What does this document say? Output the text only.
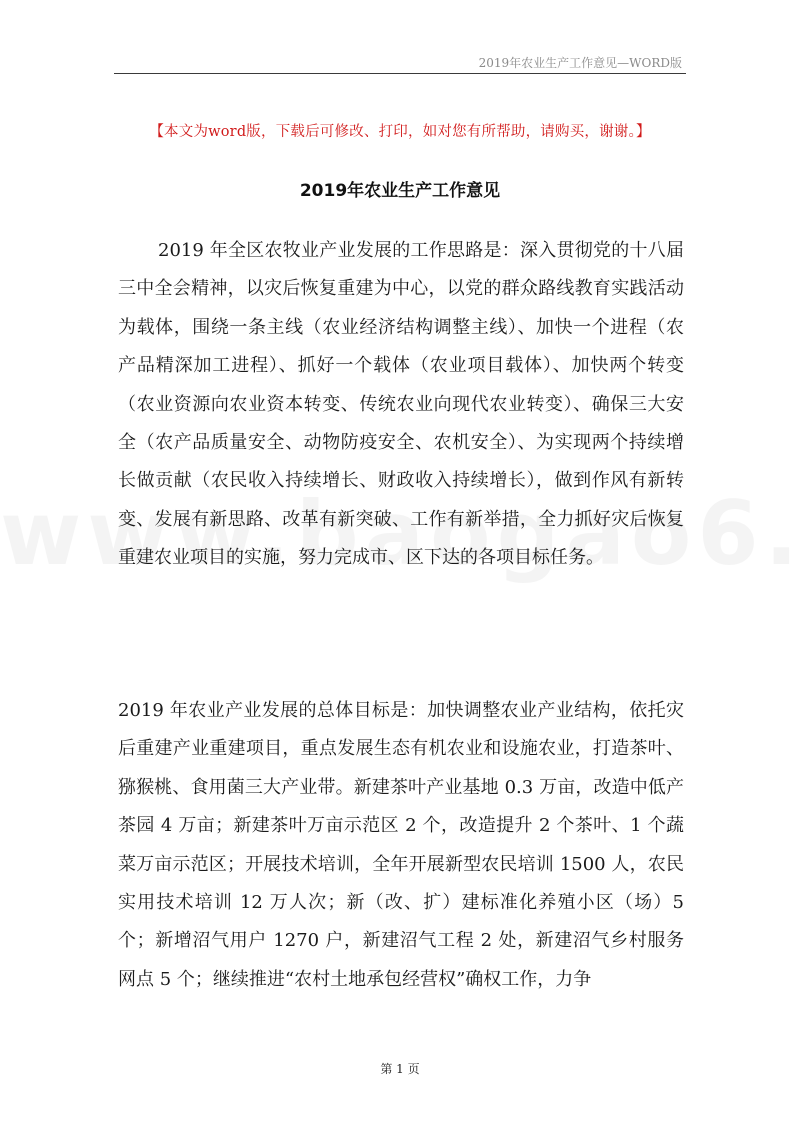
2019年农业生产工作意见—WORD版
【本文为word版，下载后可修改、打印，如对您有所帮助，请购买，谢谢。】
2019年农业生产工作意见

2019 年全区农牧业产业发展的工作思路是：深入贯彻党的十八届三中全会精神，以灾后恢复重建为中心，以党的群众路线教育实践活动为载体，围绕一条主线（农业经济结构调整主线）、加快一个进程（农产品精深加工进程）、抓好一个载体（农业项目载体）、加快两个转变（农业资源向农业资本转变、传统农业向现代农业转变）、确保三大安全（农产品质量安全、动物防疫安全、农机安全）、为实现两个持续增长做贡献（农民收入持续增长、财政收入持续增长），做到作风有新转变、发展有新思路、改革有新突破、工作有新举措，全力抓好灾后恢复重建农业项目的实施，努力完成市、区下达的各项目标任务。

2019 年农业产业发展的总体目标是：加快调整农业产业结构，依托灾后重建产业重建项目，重点发展生态有机农业和设施农业，打造茶叶、猕猴桃、食用菌三大产业带。新建茶叶产业基地 0.3 万亩，改造中低产茶园 4 万亩；新建茶叶万亩示范区 2 个，改造提升 2 个茶叶、1 个蔬菜万亩示范区；开展技术培训，全年开展新型农民培训 1500 人，农民实用技术培训 12 万人次；新（改、扩）建标准化养殖小区（场）5 个；新增沼气用户 1270 户，新建沼气工程 2 处，新建沼气乡村服务网点 5 个；继续推进“农村土地承包经营权”确权工作，力争

第 1 页
